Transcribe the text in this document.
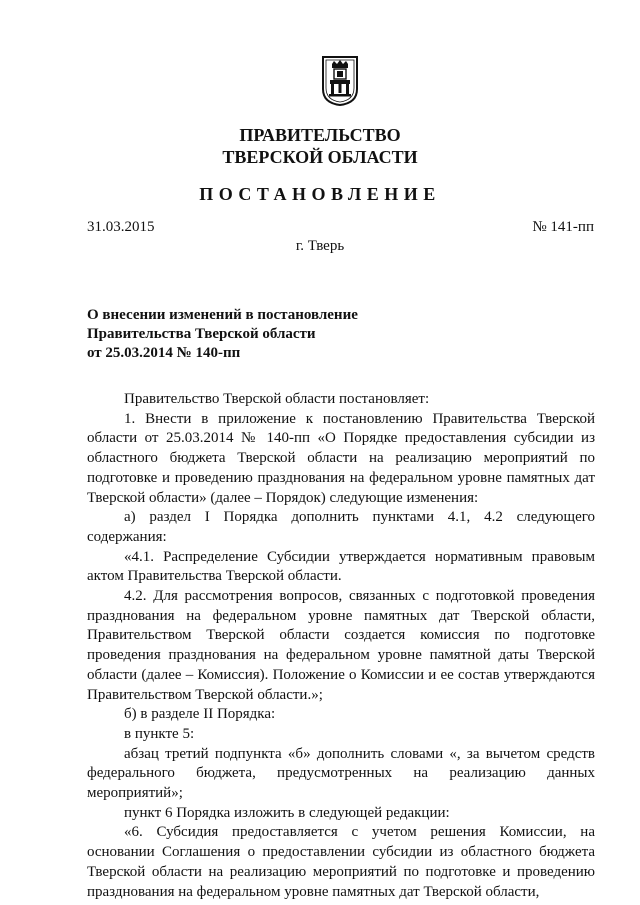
ПРАВИТЕЛЬСТВО
ТВЕРСКОЙ ОБЛАСТИ
ПОСТАНОВЛЕНИЕ
31.03.2015	№ 141-пп
г. Тверь
О внесении изменений в постановление
Правительства Тверской области
от 25.03.2014 № 140-пп

Правительство Тверской области постановляет:

1. Внести в приложение к постановлению Правительства Тверской области от 25.03.2014 № 140-пп «О Порядке предоставления субсидии из областного бюджета Тверской области на реализацию мероприятий по подготовке и проведению празднования на федеральном уровне памятных дат Тверской области» (далее – Порядок) следующие изменения:

а) раздел I Порядка дополнить пунктами 4.1, 4.2 следующего содержания:

«4.1. Распределение Субсидии утверждается нормативным правовым актом Правительства Тверской области.

4.2. Для рассмотрения вопросов, связанных с подготовкой проведения празднования на федеральном уровне памятных дат Тверской области, Правительством Тверской области создается комиссия по подготовке проведения празднования на федеральном уровне памятной даты Тверской области (далее – Комиссия). Положение о Комиссии и ее состав утверждаются Правительством Тверской области.»;

б) в разделе II Порядка:

в пункте 5:

абзац третий подпункта «б» дополнить словами «, за вычетом средств федерального бюджета, предусмотренных на реализацию данных мероприятий»;

пункт 6 Порядка изложить в следующей редакции:

«6. Субсидия предоставляется с учетом решения Комиссии, на основании Соглашения о предоставлении субсидии из областного бюджета Тверской области на реализацию мероприятий по подготовке и проведению празднования на федеральном уровне памятных дат Тверской области,
